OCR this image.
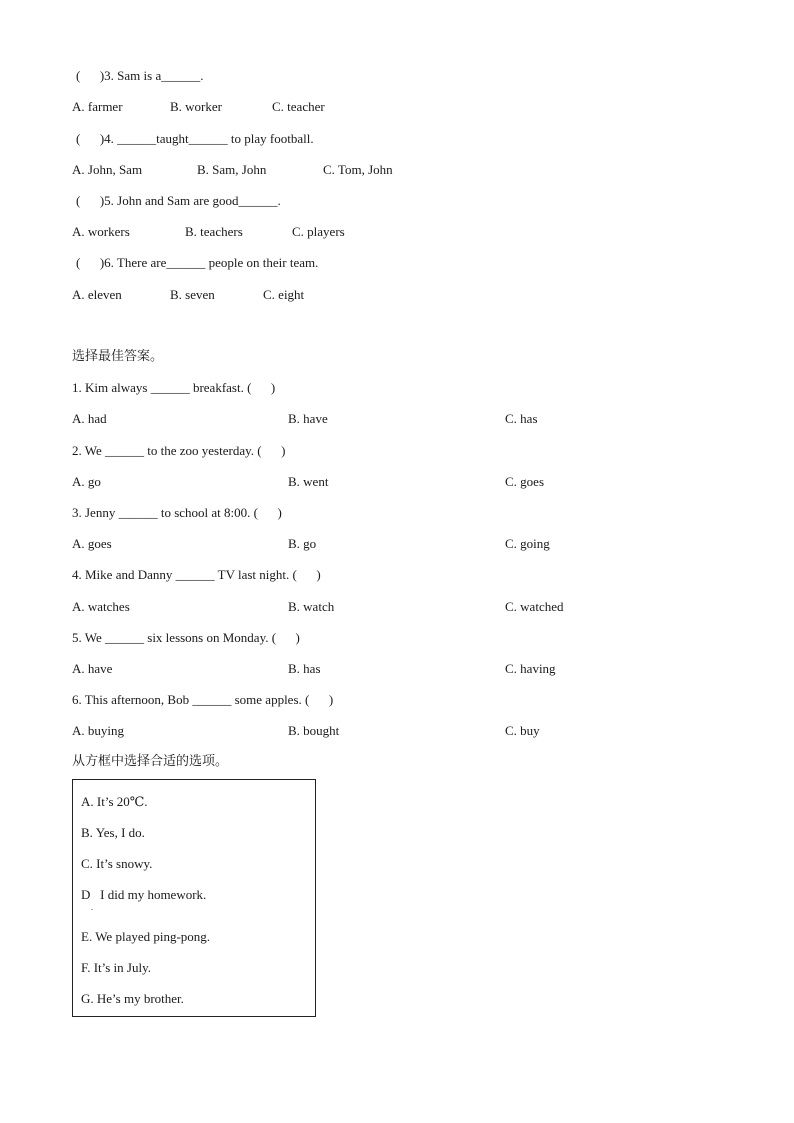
(      )3. Sam is a______.
A. farmer	B. worker	C. teacher
(      )4. ______taught______ to play football.
A. John, Sam	B. Sam, John	C. Tom, John
(      )5. John and Sam are good______.
A. workers	B. teachers	C. players
(      )6. There are______ people on their team.
A. eleven	B. seven	C. eight
选择最佳答案。
1. Kim always ______ breakfast. (      )
A. had	B. have	C. has
2. We ______ to the zoo yesterday. (      )
A. go	B. went	C. goes
3. Jenny ______ to school at 8:00. (      )
A. goes	B. go	C. going
4. Mike and Danny ______ TV last night. (      )
A. watches	B. watch	C. watched
5. We ______ six lessons on Monday. (      )
A. have	B. has	C. having
6. This afternoon, Bob ______ some apples. (      )
A. buying	B. bought	C. buy
从方框中选择合适的选项。
A. It’s 20℃.
B. Yes, I do.
C. It’s snowy.
D   I did my homework.
.
E. We played ping-pong.
F. It’s in July.
G. He’s my brother.
